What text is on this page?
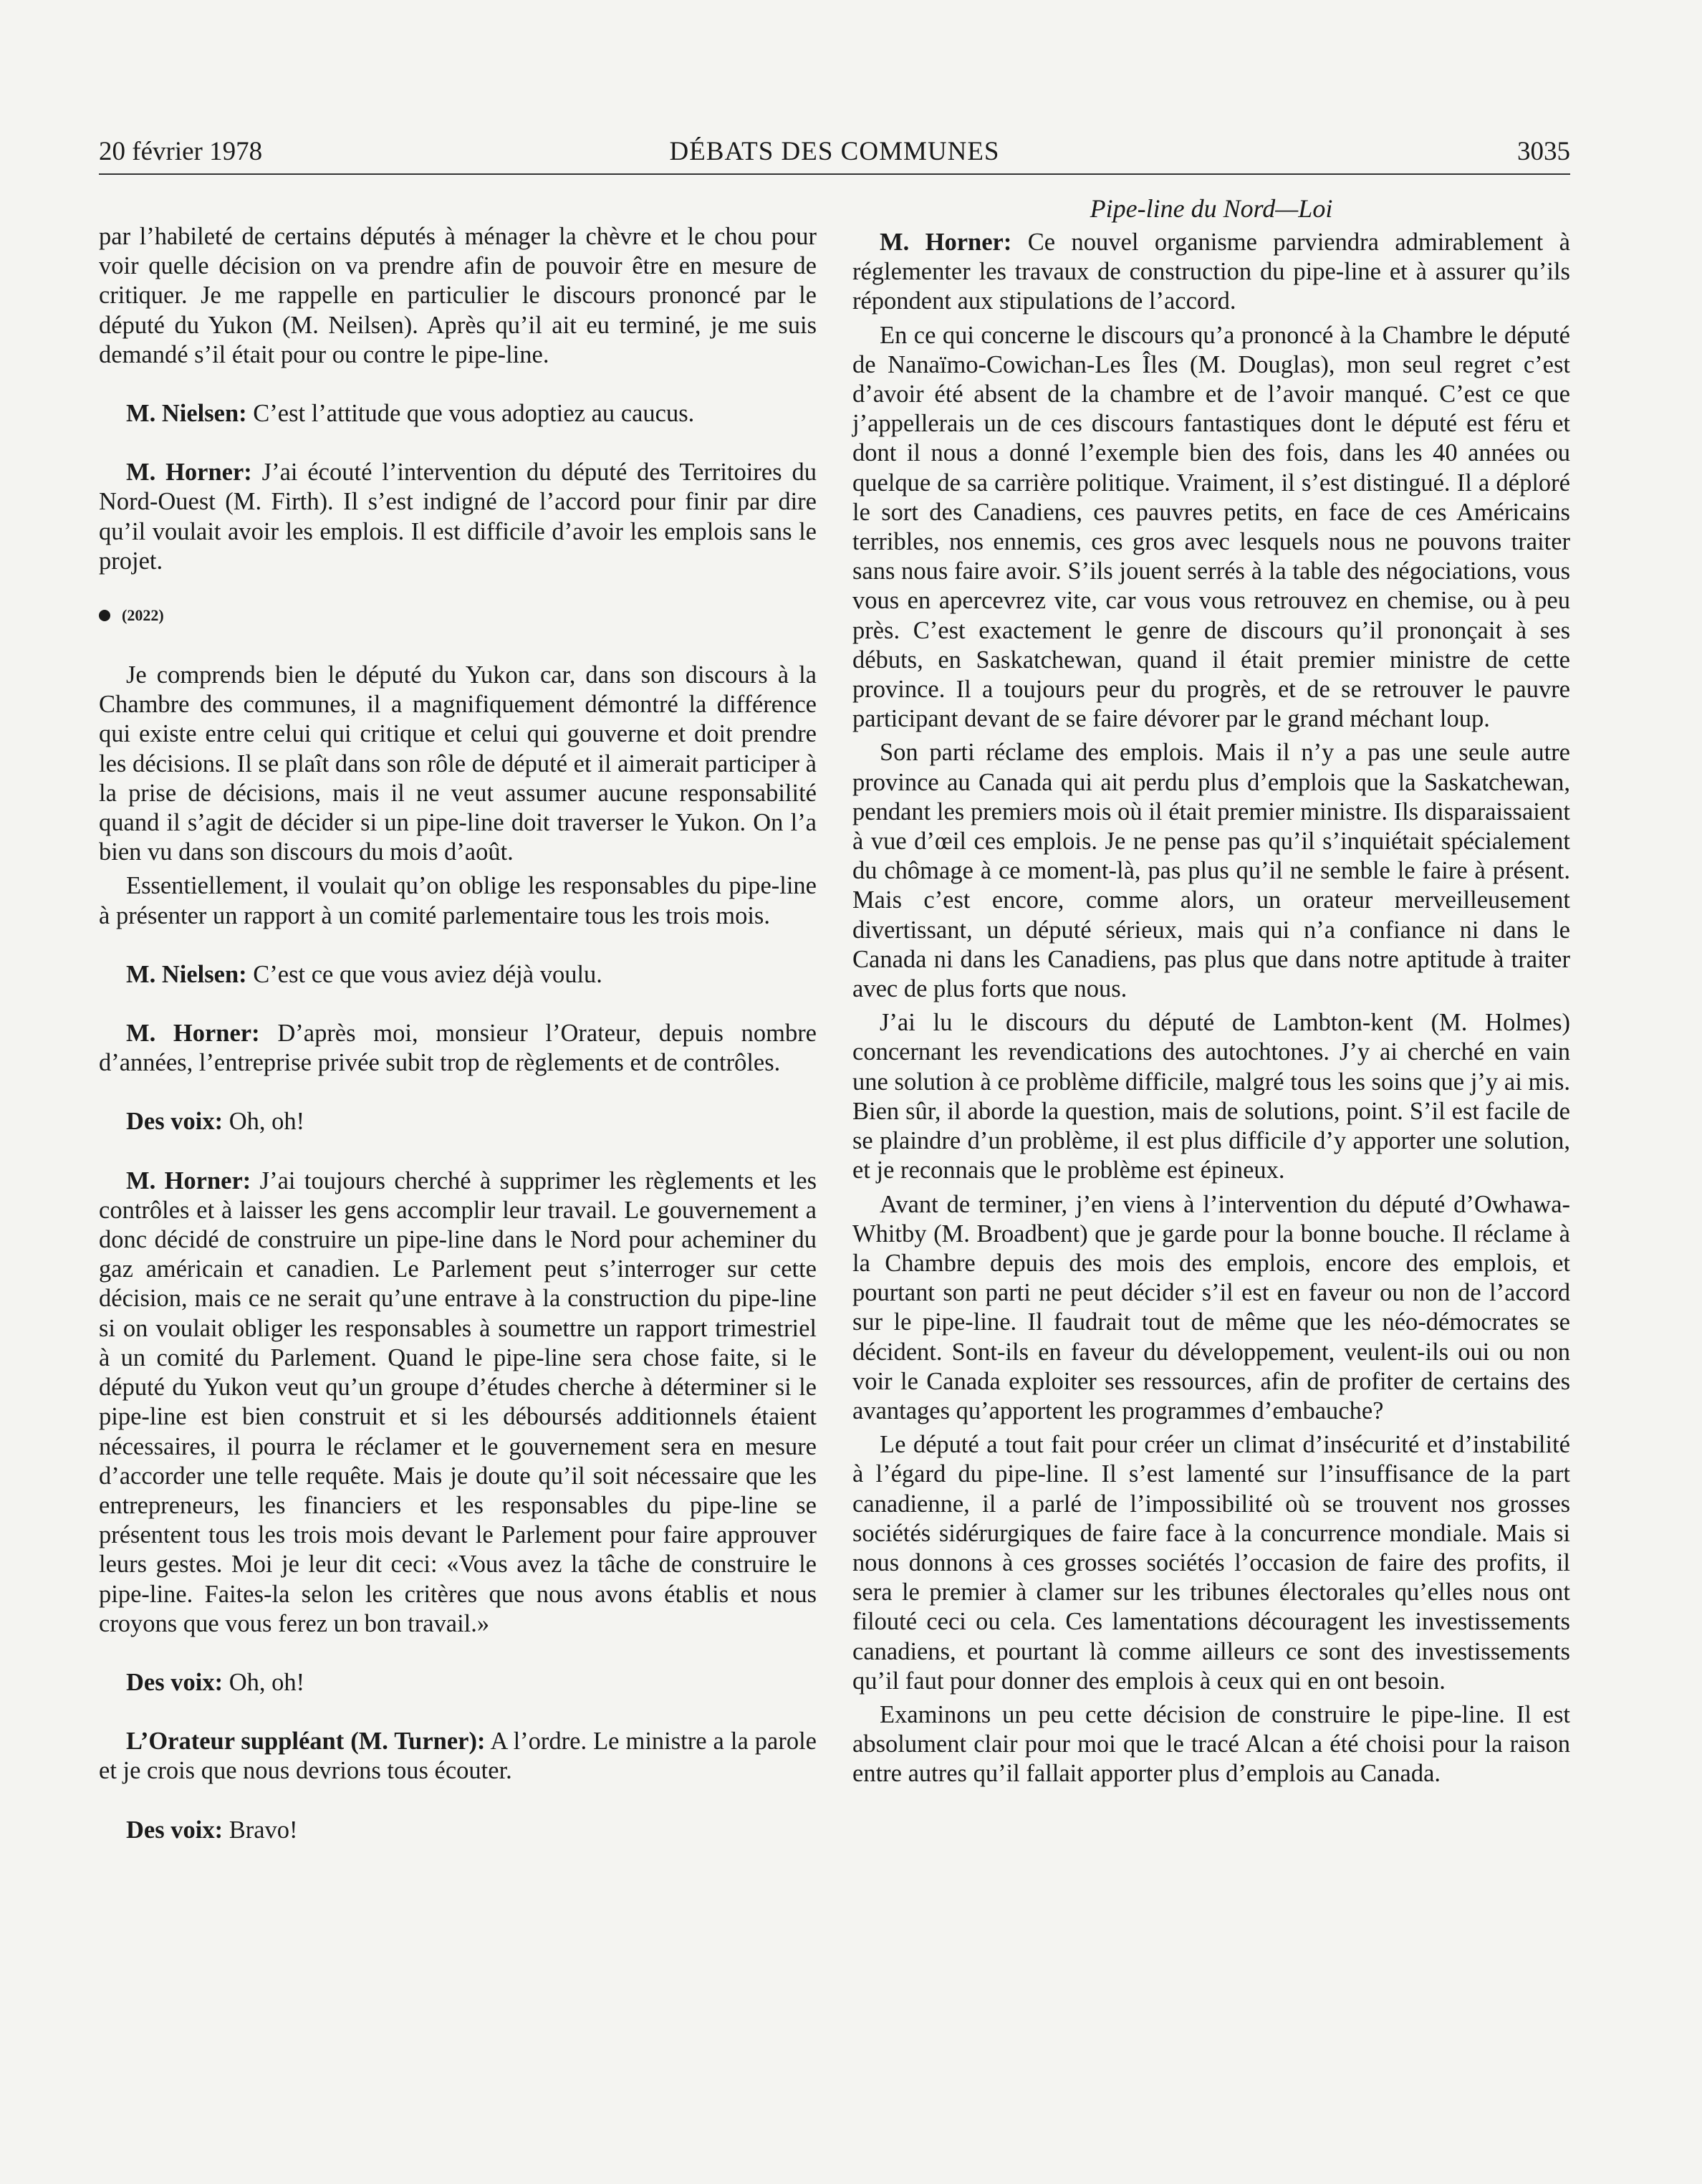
20 février 1978	DÉBATS DES COMMUNES	3035
Pipe-line du Nord—Loi

par l’habileté de certains députés à ménager la chèvre et le chou pour voir quelle décision on va prendre afin de pouvoir être en mesure de critiquer. Je me rappelle en particulier le discours prononcé par le député du Yukon (M. Neilsen). Après qu’il ait eu terminé, je me suis demandé s’il était pour ou contre le pipe-line.

M. Nielsen: C’est l’attitude que vous adoptiez au caucus.

M. Horner: J’ai écouté l’intervention du député des Territoires du Nord-Ouest (M. Firth). Il s’est indigné de l’accord pour finir par dire qu’il voulait avoir les emplois. Il est difficile d’avoir les emplois sans le projet.

(2022)

Je comprends bien le député du Yukon car, dans son discours à la Chambre des communes, il a magnifiquement démontré la différence qui existe entre celui qui critique et celui qui gouverne et doit prendre les décisions. Il se plaît dans son rôle de député et il aimerait participer à la prise de décisions, mais il ne veut assumer aucune responsabilité quand il s’agit de décider si un pipe-line doit traverser le Yukon. On l’a bien vu dans son discours du mois d’août.

Essentiellement, il voulait qu’on oblige les responsables du pipe-line à présenter un rapport à un comité parlementaire tous les trois mois.

M. Nielsen: C’est ce que vous aviez déjà voulu.

M. Horner: D’après moi, monsieur l’Orateur, depuis nombre d’années, l’entreprise privée subit trop de règlements et de contrôles.

Des voix: Oh, oh!

M. Horner: J’ai toujours cherché à supprimer les règlements et les contrôles et à laisser les gens accomplir leur travail. Le gouvernement a donc décidé de construire un pipe-line dans le Nord pour acheminer du gaz américain et canadien. Le Parlement peut s’interroger sur cette décision, mais ce ne serait qu’une entrave à la construction du pipe-line si on voulait obliger les responsables à soumettre un rapport trimestriel à un comité du Parlement. Quand le pipe-line sera chose faite, si le député du Yukon veut qu’un groupe d’études cherche à déterminer si le pipe-line est bien construit et si les déboursés additionnels étaient nécessaires, il pourra le réclamer et le gouvernement sera en mesure d’accorder une telle requête. Mais je doute qu’il soit nécessaire que les entrepreneurs, les financiers et les responsables du pipe-line se présentent tous les trois mois devant le Parlement pour faire approuver leurs gestes. Moi je leur dit ceci: «Vous avez la tâche de construire le pipe-line. Faites-la selon les critères que nous avons établis et nous croyons que vous ferez un bon travail.»

Des voix: Oh, oh!

L’Orateur suppléant (M. Turner): A l’ordre. Le ministre a la parole et je crois que nous devrions tous écouter.

Des voix: Bravo!

M. Horner: Ce nouvel organisme parviendra admirablement à réglementer les travaux de construction du pipe-line et à assurer qu’ils répondent aux stipulations de l’accord.

En ce qui concerne le discours qu’a prononcé à la Chambre le député de Nanaïmo-Cowichan-Les Îles (M. Douglas), mon seul regret c’est d’avoir été absent de la chambre et de l’avoir manqué. C’est ce que j’appellerais un de ces discours fantastiques dont le député est féru et dont il nous a donné l’exemple bien des fois, dans les 40 années ou quelque de sa carrière politique. Vraiment, il s’est distingué. Il a déploré le sort des Canadiens, ces pauvres petits, en face de ces Américains terribles, nos ennemis, ces gros avec lesquels nous ne pouvons traiter sans nous faire avoir. S’ils jouent serrés à la table des négociations, vous vous en apercevrez vite, car vous vous retrouvez en chemise, ou à peu près. C’est exactement le genre de discours qu’il prononçait à ses débuts, en Saskatchewan, quand il était premier ministre de cette province. Il a toujours peur du progrès, et de se retrouver le pauvre participant devant de se faire dévorer par le grand méchant loup.

Son parti réclame des emplois. Mais il n’y a pas une seule autre province au Canada qui ait perdu plus d’emplois que la Saskatchewan, pendant les premiers mois où il était premier ministre. Ils disparaissaient à vue d’œil ces emplois. Je ne pense pas qu’il s’inquiétait spécialement du chômage à ce moment-là, pas plus qu’il ne semble le faire à présent. Mais c’est encore, comme alors, un orateur merveilleusement divertissant, un député sérieux, mais qui n’a confiance ni dans le Canada ni dans les Canadiens, pas plus que dans notre aptitude à traiter avec de plus forts que nous.

J’ai lu le discours du député de Lambton-kent (M. Holmes) concernant les revendications des autochtones. J’y ai cherché en vain une solution à ce problème difficile, malgré tous les soins que j’y ai mis. Bien sûr, il aborde la question, mais de solutions, point. S’il est facile de se plaindre d’un problème, il est plus difficile d’y apporter une solution, et je reconnais que le problème est épineux.

Avant de terminer, j’en viens à l’intervention du député d’Owhawa-Whitby (M. Broadbent) que je garde pour la bonne bouche. Il réclame à la Chambre depuis des mois des emplois, encore des emplois, et pourtant son parti ne peut décider s’il est en faveur ou non de l’accord sur le pipe-line. Il faudrait tout de même que les néo-démocrates se décident. Sont-ils en faveur du développement, veulent-ils oui ou non voir le Canada exploiter ses ressources, afin de profiter de certains des avantages qu’apportent les programmes d’embauche?

Le député a tout fait pour créer un climat d’insécurité et d’instabilité à l’égard du pipe-line. Il s’est lamenté sur l’insuffisance de la part canadienne, il a parlé de l’impossibilité où se trouvent nos grosses sociétés sidérurgiques de faire face à la concurrence mondiale. Mais si nous donnons à ces grosses sociétés l’occasion de faire des profits, il sera le premier à clamer sur les tribunes électorales qu’elles nous ont filouté ceci ou cela. Ces lamentations découragent les investissements canadiens, et pourtant là comme ailleurs ce sont des investissements qu’il faut pour donner des emplois à ceux qui en ont besoin.

Examinons un peu cette décision de construire le pipe-line. Il est absolument clair pour moi que le tracé Alcan a été choisi pour la raison entre autres qu’il fallait apporter plus d’emplois au Canada.
